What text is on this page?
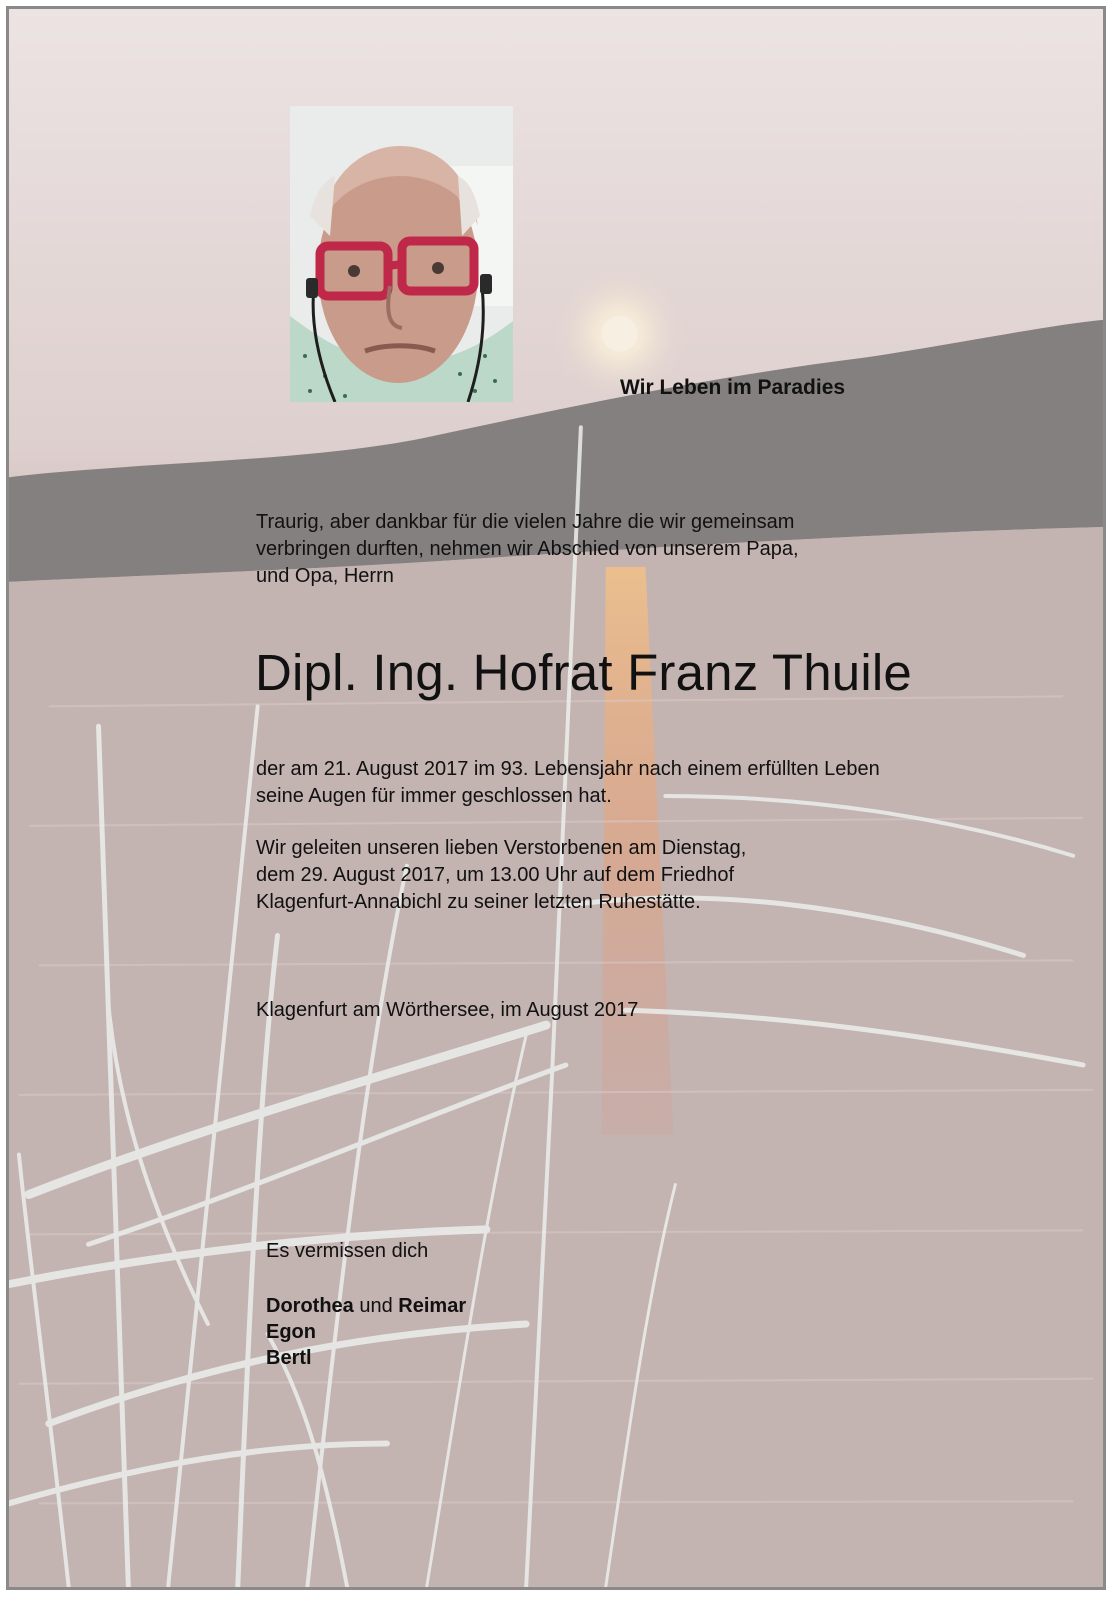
Wir Leben im Paradies
Traurig, aber dankbar für die vielen Jahre die wir gemeinsam
verbringen durften, nehmen wir Abschied von unserem Papa,
und Opa, Herrn
Dipl. Ing. Hofrat Franz Thuile
der am 21. August 2017 im 93. Lebensjahr nach einem erfüllten Leben
seine Augen für immer geschlossen hat.
Wir geleiten unseren lieben Verstorbenen am Dienstag,
dem 29. August 2017, um 13.00 Uhr auf dem Friedhof
Klagenfurt-Annabichl zu seiner letzten Ruhestätte.
Klagenfurt am Wörthersee, im August 2017
Es vermissen dich
Dorothea und Reimar
Egon
Bertl
